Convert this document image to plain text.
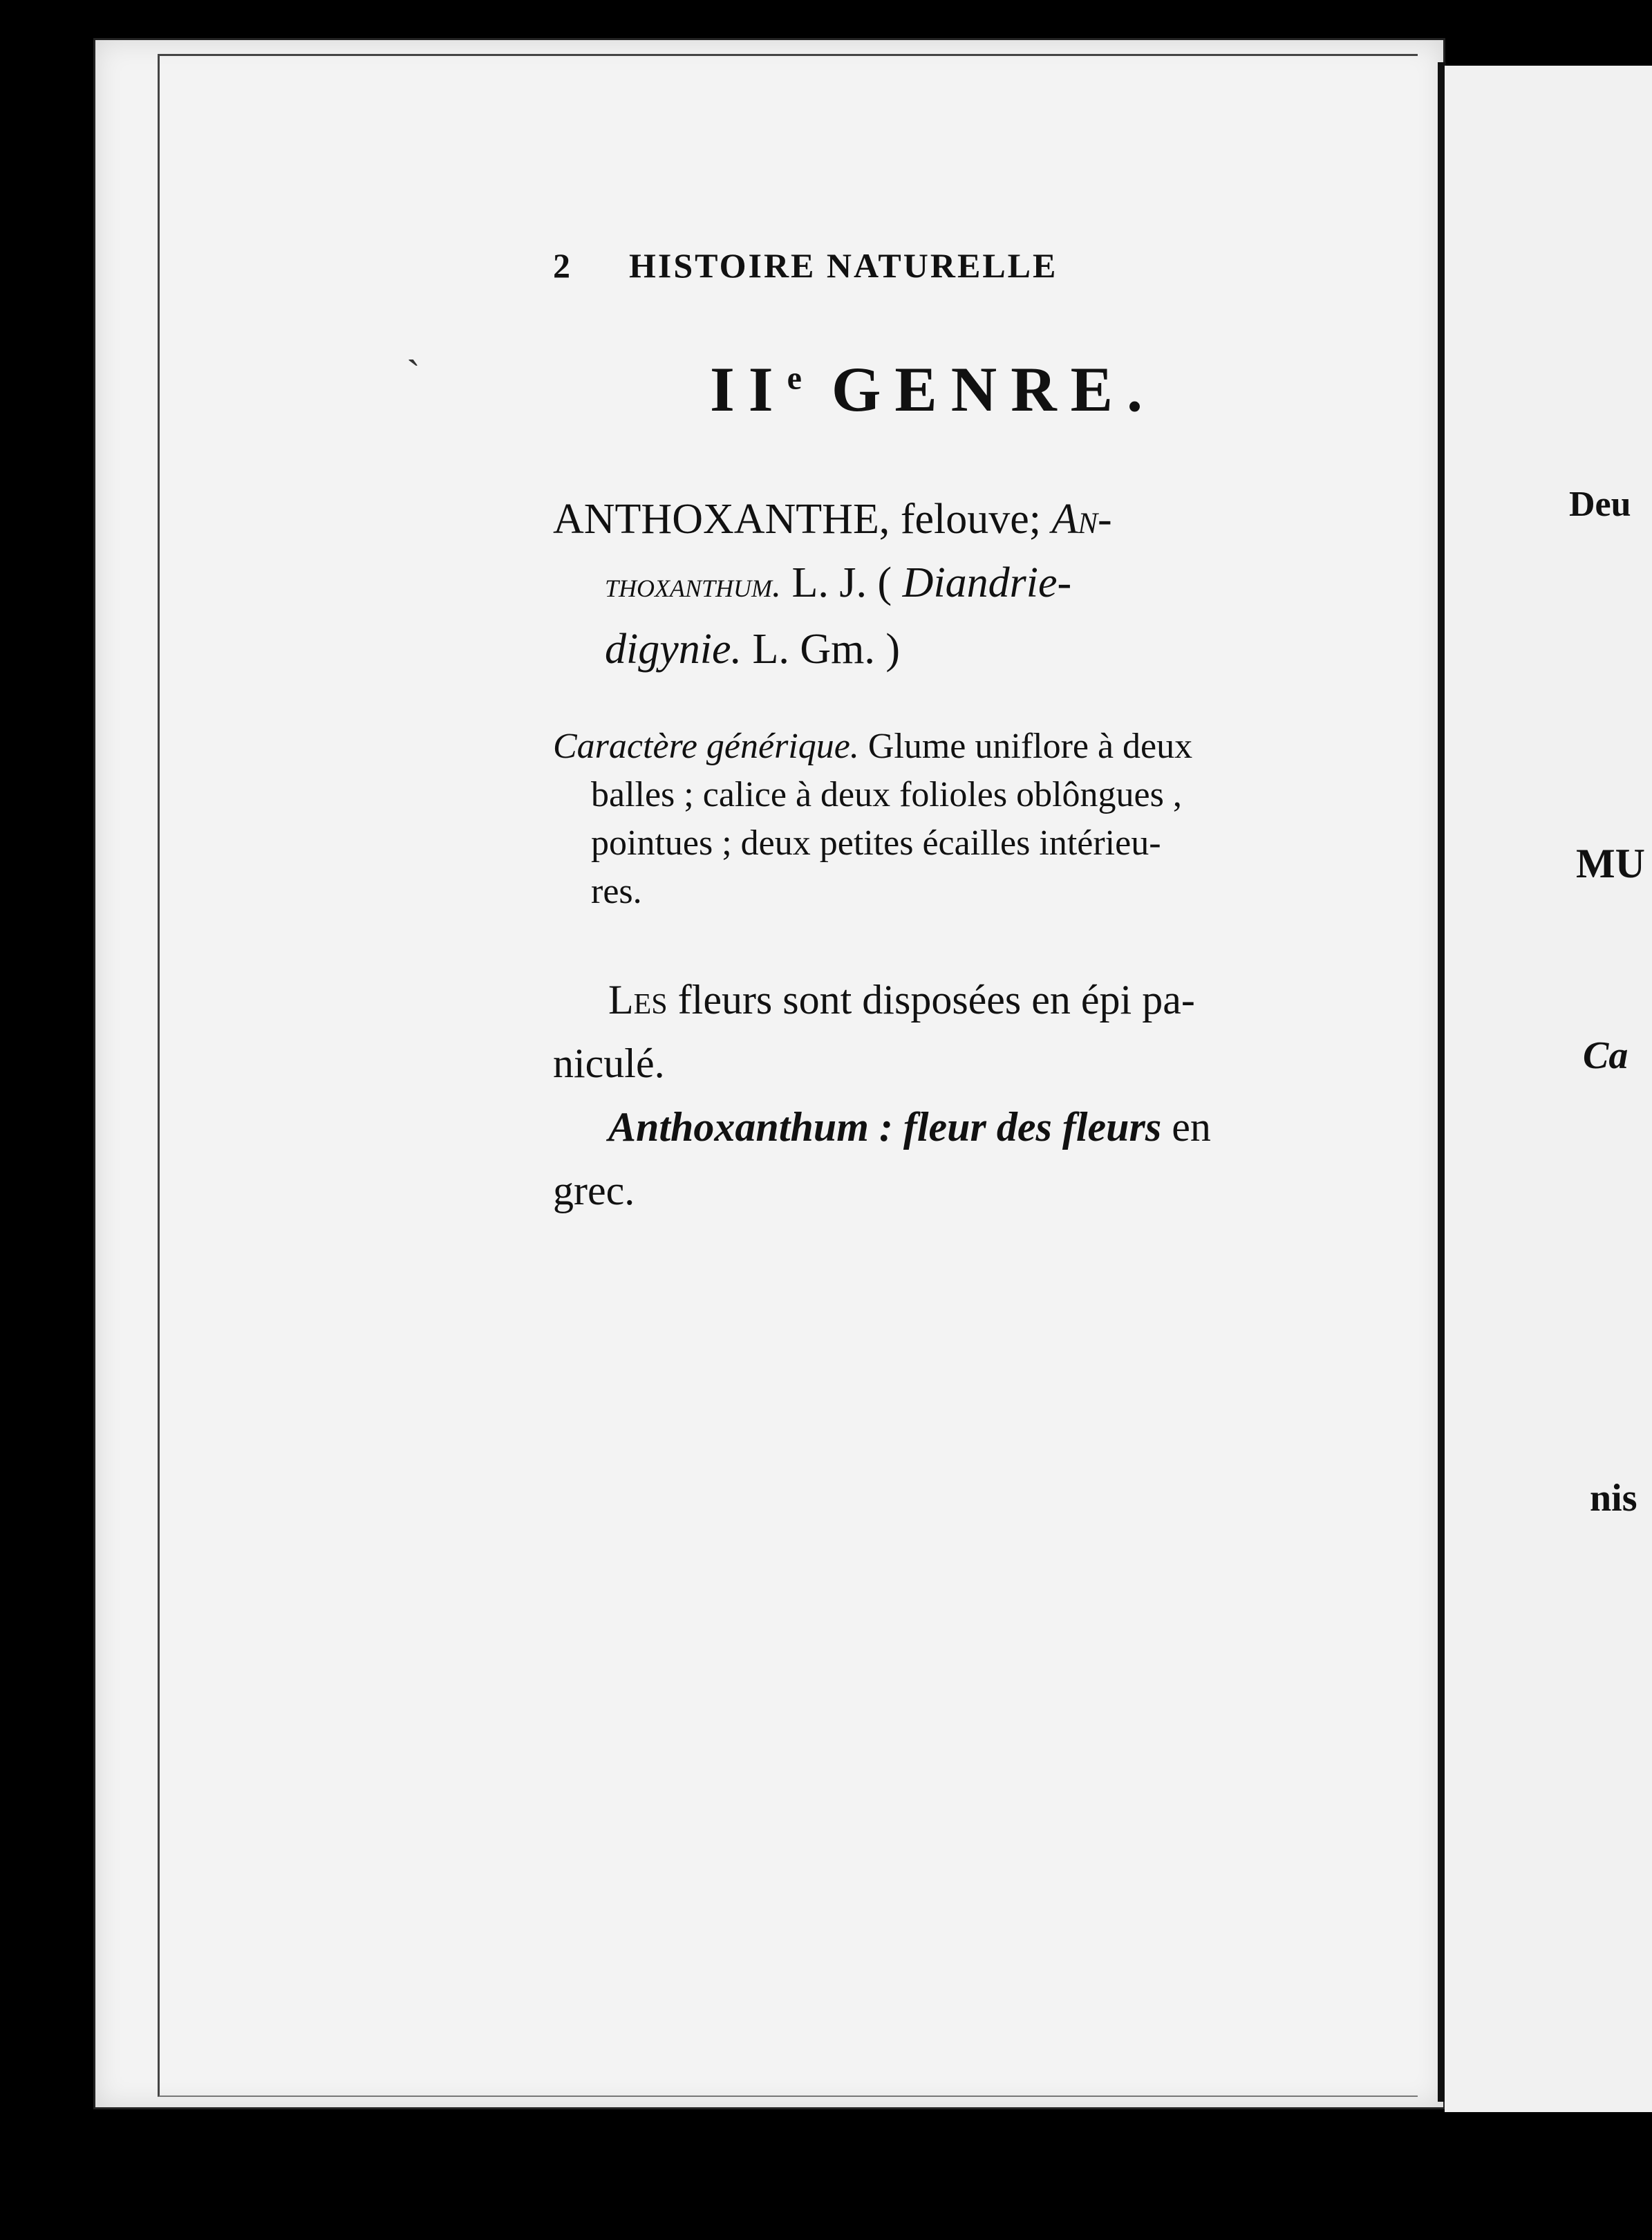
`
Deu
MU
Ca
nis
2 HISTOIRE NATURELLE
IIe GENRE.
ANTHOXANTHE, felouve; An-
thoxanthum. L. J. ( Diandrie-
digynie. L. Gm. )
Caractère générique. Glume uniflore à deux
balles ; calice à deux folioles oblôngues ,
pointues ; deux petites écailles intérieu-
res.
Les fleurs sont disposées en épi pa-
niculé.
Anthoxanthum : fleur des fleurs en
grec.
